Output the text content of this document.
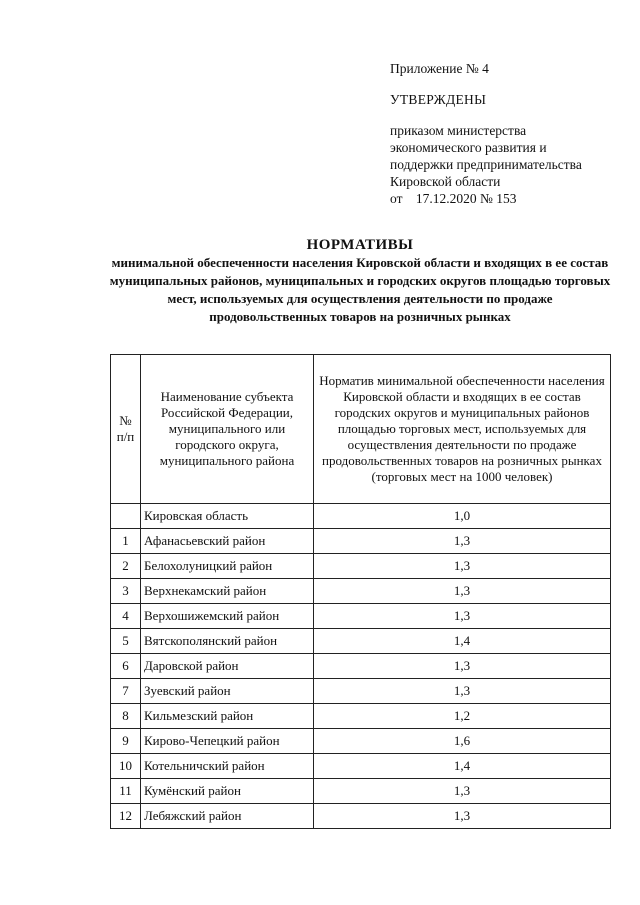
Приложение № 4

УТВЕРЖДЕНЫ

приказом министерства

экономического развития и

поддержки предпринимательства

Кировской области

от 17.12.2020 № 153

НОРМАТИВЫ

минимальной обеспеченности населения Кировской области и входящих в ее состав муниципальных районов, муниципальных и городских округов площадью торговых мест, используемых для осуществления деятельности по продаже продовольственных товаров на розничных рынках

№ п/п	Наименование субъекта Российской Федерации, муниципального или городского округа, муниципального района	Норматив минимальной обеспеченности населения Кировской области и входящих в ее состав городских округов и муниципальных районов площадью торговых мест, используемых для осуществления деятельности по продаже продовольственных товаров на розничных рынках (торговых мест на 1000 человек)
	Кировская область	1,0
1	Афанасьевский район	1,3
2	Белохолуницкий район	1,3
3	Верхнекамский район	1,3
4	Верхошижемский район	1,3
5	Вятскополянский район	1,4
6	Даровской район	1,3
7	Зуевский район	1,3
8	Кильмезский район	1,2
9	Кирово-Чепецкий район	1,6
10	Котельничский район	1,4
11	Кумёнский район	1,3
12	Лебяжский район	1,3
